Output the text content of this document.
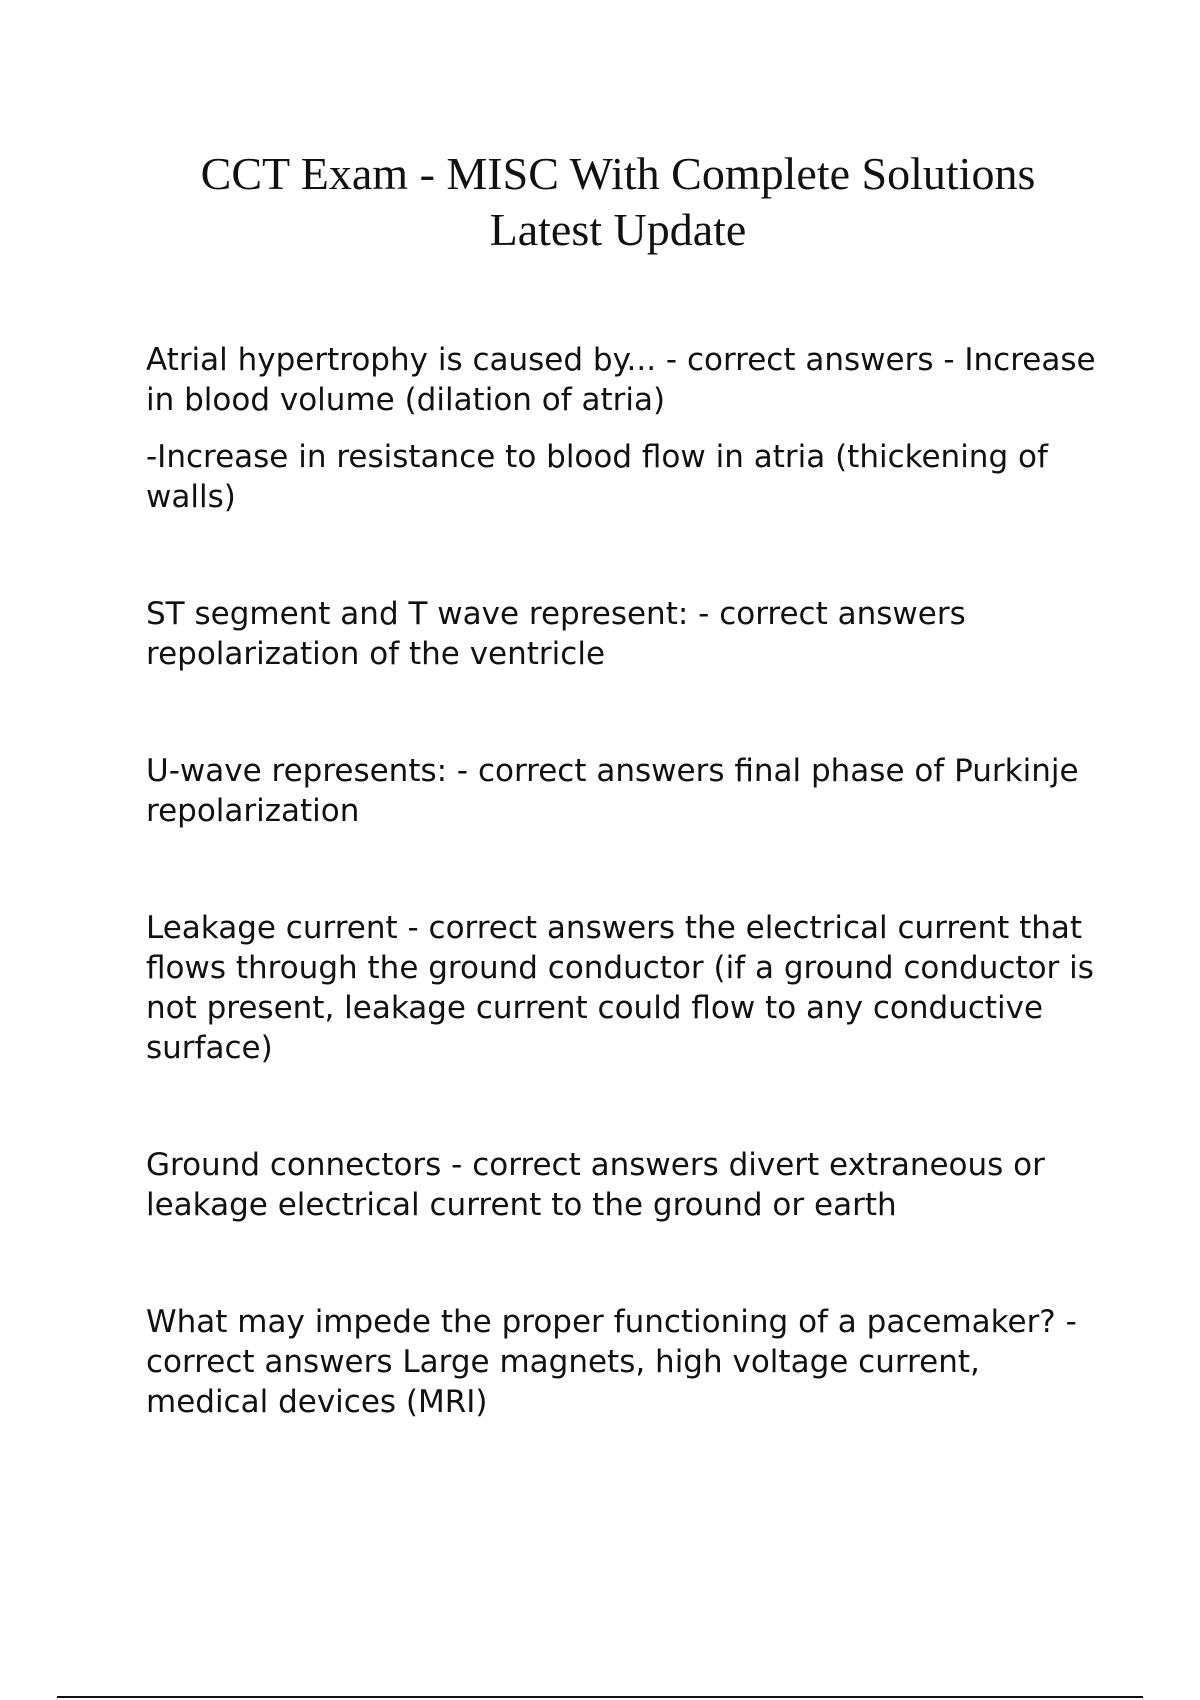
CCT Exam - MISC With Complete Solutions
Latest Update

Atrial hypertrophy is caused by... - correct answers - Increase in blood volume (dilation of atria)

-Increase in resistance to blood flow in atria (thickening of walls)

ST segment and T wave represent: - correct answers repolarization of the ventricle

U-wave represents: - correct answers final phase of Purkinje repolarization

Leakage current - correct answers the electrical current that flows through the ground conductor (if a ground conductor is not present, leakage current could flow to any conductive surface)

Ground connectors - correct answers divert extraneous or leakage electrical current to the ground or earth

What may impede the proper functioning of a pacemaker? - correct answers Large magnets, high voltage current, medical devices (MRI)
